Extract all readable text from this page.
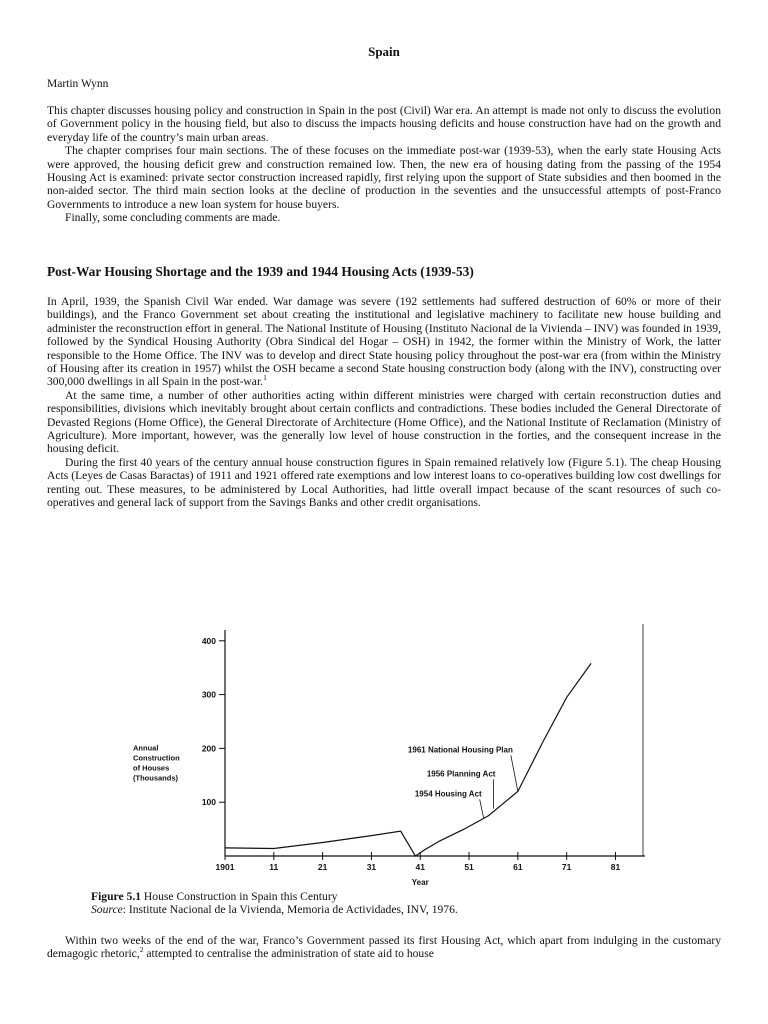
Spain
Martin Wynn

This chapter discusses housing policy and construction in Spain in the post (Civil) War era. An attempt is made not only to discuss the evolution of Government policy in the housing field, but also to discuss the impacts housing deficits and house construction have had on the growth and everyday life of the country’s main urban areas.

The chapter comprises four main sections. The of these focuses on the immediate post-war (1939-53), when the early state Housing Acts were approved, the housing deficit grew and construction remained low. Then, the new era of housing dating from the passing of the 1954 Housing Act is examined: private sector construction increased rapidly, first relying upon the support of State subsidies and then boomed in the non-aided sector. The third main section looks at the decline of production in the seventies and the unsuccessful attempts of post-Franco Governments to introduce a new loan system for house buyers.

Finally, some concluding comments are made.

Post-War Housing Shortage and the 1939 and 1944 Housing Acts (1939-53)

In April, 1939, the Spanish Civil War ended. War damage was severe (192 settlements had suffered destruction of 60% or more of their buildings), and the Franco Government set about creating the institutional and legislative machinery to facilitate new house building and administer the reconstruction effort in general. The National Institute of Housing (Instituto Nacional de la Vivienda – INV) was founded in 1939, followed by the Syndical Housing Authority (Obra Sindical del Hogar – OSH) in 1942, the former within the Ministry of Work, the latter responsible to the Home Office. The INV was to develop and direct State housing policy throughout the post-war era (from within the Ministry of Housing after its creation in 1957) whilst the OSH became a second State housing construction body (along with the INV), constructing over 300,000 dwellings in all Spain in the post-war.$^1$

At the same time, a number of other authorities acting within different ministries were charged with certain reconstruction duties and responsibilities, divisions which inevitably brought about certain conflicts and contradictions. These bodies included the General Directorate of Devasted Regions (Home Office), the General Directorate of Architecture (Home Office), and the National Institute of Reclamation (Ministry of Agriculture). More important, however, was the generally low level of house construction in the forties, and the consequent increase in the housing deficit.

During the first 40 years of the century annual house construction figures in Spain remained relatively low (Figure 5.1). The cheap Housing Acts (Leyes de Casas Baractas) of 1911 and 1921 offered rate exemptions and low interest loans to co-operatives building low cost dwellings for renting out. These measures, to be administered by Local Authorities, had little overall impact because of the scant resources of such co-operatives and general lack of support from the Savings Banks and other credit organisations.

100
200
300
400
Annual
Construction
of Houses
(Thousands)
1901	11	21	31	41	51	61	71	81
Year
1961 National Housing Plan
1956 Planning Act
1954 Housing Act
Figure 5.1 House Construction in Spain this Century
Source: Institute Nacional de la Vivienda, Memoria de Actividades, INV, 1976.

Within two weeks of the end of the war, Franco’s Government passed its first Housing Act, which apart from indulging in the customary demagogic rhetoric,$^2$ attempted to centralise the administration of state aid to house
